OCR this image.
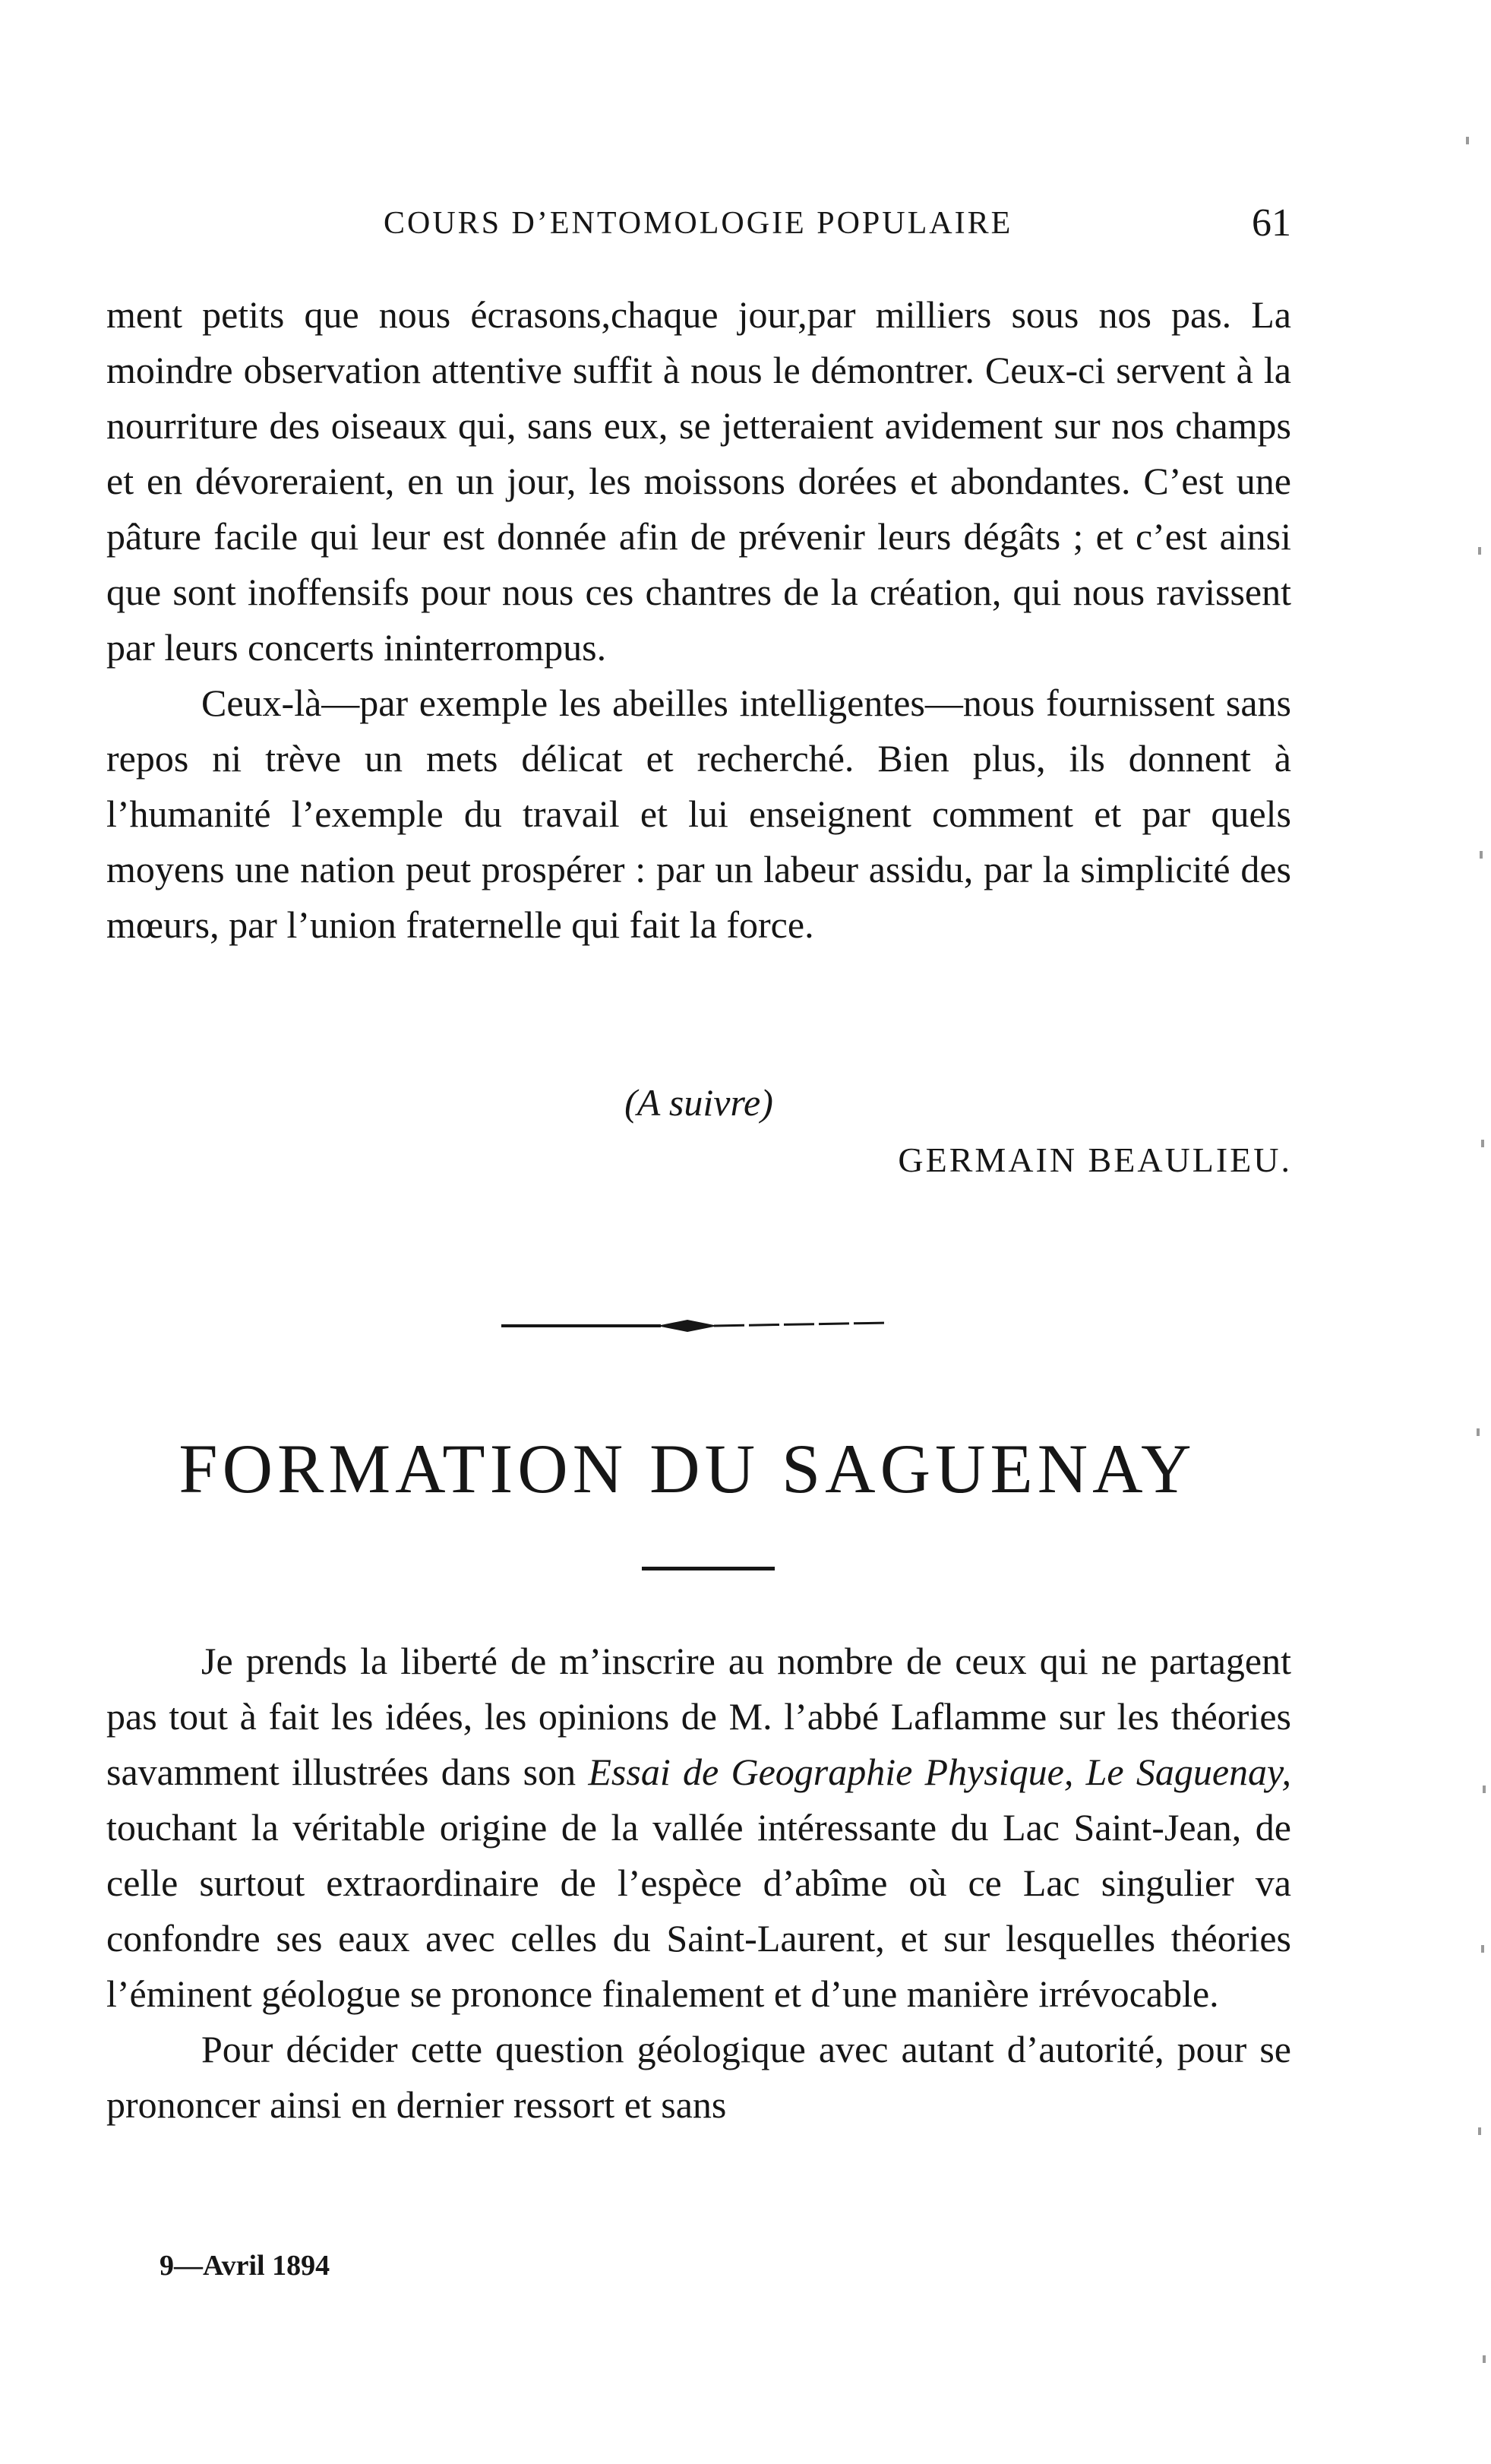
COURS D’ENTOMOLOGIE POPULAIRE	61

ment petits que nous écrasons,chaque jour,par milliers sous nos pas. La moindre observation attentive suffit à nous le démontrer. Ceux-ci servent à la nourriture des oiseaux qui, sans eux, se jetteraient avidement sur nos champs et en dévoreraient, en un jour, les moissons dorées et abondantes. C’est une pâture facile qui leur est donnée afin de prévenir leurs dégâts ; et c’est ainsi que sont inoffensifs pour nous ces chantres de la création, qui nous ravissent par leurs concerts ininterrompus.

Ceux-là—par exemple les abeilles intelligentes—nous fournissent sans repos ni trève un mets délicat et recherché. Bien plus, ils donnent à l’humanité l’exemple du travail et lui enseignent comment et par quels moyens une nation peut prospérer : par un labeur assidu, par la simplicité des mœurs, par l’union fraternelle qui fait la force.

(A suivre)
GERMAIN BEAULIEU.
FORMATION DU SAGUENAY

Je prends la liberté de m’inscrire au nombre de ceux qui ne partagent pas tout à fait les idées, les opinions de M. l’abbé Laflamme sur les théories savamment illustrées dans son Essai de Geographie Physique, Le Saguenay, touchant la véritable origine de la vallée intéressante du Lac Saint-Jean, de celle surtout extraordinaire de l’espèce d’abîme où ce Lac singulier va confondre ses eaux avec celles du Saint-Laurent, et sur lesquelles théories l’éminent géologue se prononce finalement et d’une manière irrévocable.

Pour décider cette question géologique avec autant d’autorité, pour se prononcer ainsi en dernier ressort et sans

9—Avril 1894
